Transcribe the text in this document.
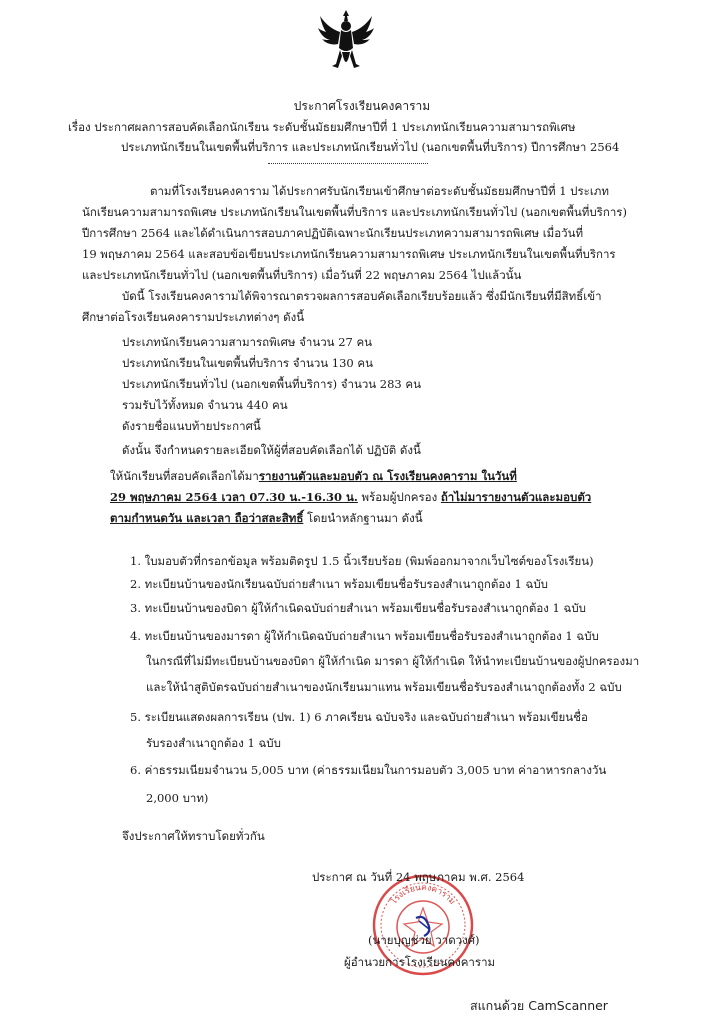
ประกาศโรงเรียนคงคาราม
เรื่อง ประกาศผลการสอบคัดเลือกนักเรียน ระดับชั้นมัธยมศึกษาปีที่ 1 ประเภทนักเรียนความสามารถพิเศษ
ประเภทนักเรียนในเขตพื้นที่บริการ และประเภทนักเรียนทั่วไป (นอกเขตพื้นที่บริการ) ปีการศึกษา 2564
ตามที่โรงเรียนคงคาราม ได้ประกาศรับนักเรียนเข้าศึกษาต่อระดับชั้นมัธยมศึกษาปีที่ 1 ประเภท
นักเรียนความสามารถพิเศษ ประเภทนักเรียนในเขตพื้นที่บริการ และประเภทนักเรียนทั่วไป (นอกเขตพื้นที่บริการ)
ปีการศึกษา 2564 และได้ดำเนินการสอบภาคปฏิบัติเฉพาะนักเรียนประเภทความสามารถพิเศษ เมื่อวันที่
19 พฤษภาคม 2564 และสอบข้อเขียนประเภทนักเรียนความสามารถพิเศษ ประเภทนักเรียนในเขตพื้นที่บริการ
และประเภทนักเรียนทั่วไป (นอกเขตพื้นที่บริการ) เมื่อวันที่ 22 พฤษภาคม 2564 ไปแล้วนั้น
บัดนี้ โรงเรียนคงคารามได้พิจารณาตรวจผลการสอบคัดเลือกเรียบร้อยแล้ว ซึ่งมีนักเรียนที่มีสิทธิ์เข้า
ศึกษาต่อโรงเรียนคงคารามประเภทต่างๆ ดังนี้
ประเภทนักเรียนความสามารถพิเศษ จำนวน 27 คน
ประเภทนักเรียนในเขตพื้นที่บริการ จำนวน 130 คน
ประเภทนักเรียนทั่วไป (นอกเขตพื้นที่บริการ) จำนวน 283 คน
รวมรับไว้ทั้งหมด จำนวน 440 คน
ดังรายชื่อแนบท้ายประกาศนี้
ดังนั้น จึงกำหนดรายละเอียดให้ผู้ที่สอบคัดเลือกได้ ปฏิบัติ ดังนี้
ให้นักเรียนที่สอบคัดเลือกได้มารายงานตัวและมอบตัว ณ โรงเรียนคงคาราม ในวันที่
29 พฤษภาคม 2564 เวลา 07.30 น.-16.30 น. พร้อมผู้ปกครอง ถ้าไม่มารายงานตัวและมอบตัว
ตามกำหนดวัน และเวลา ถือว่าสละสิทธิ์ โดยนำหลักฐานมา ดังนี้
1. ใบมอบตัวที่กรอกข้อมูล พร้อมติดรูป 1.5 นิ้วเรียบร้อย (พิมพ์ออกมาจากเว็บไซต์ของโรงเรียน)
2. ทะเบียนบ้านของนักเรียนฉบับถ่ายสำเนา พร้อมเขียนชื่อรับรองสำเนาถูกต้อง 1 ฉบับ
3. ทะเบียนบ้านของบิดา ผู้ให้กำเนิดฉบับถ่ายสำเนา พร้อมเขียนชื่อรับรองสำเนาถูกต้อง 1 ฉบับ
4. ทะเบียนบ้านของมารดา ผู้ให้กำเนิดฉบับถ่ายสำเนา พร้อมเขียนชื่อรับรองสำเนาถูกต้อง 1 ฉบับ
ในกรณีที่ไม่มีทะเบียนบ้านของบิดา ผู้ให้กำเนิด มารดา ผู้ให้กำเนิด ให้นำทะเบียนบ้านของผู้ปกครองมา
และให้นำสูติบัตรฉบับถ่ายสำเนาของนักเรียนมาแทน พร้อมเขียนชื่อรับรองสำเนาถูกต้องทั้ง 2 ฉบับ
5. ระเบียนแสดงผลการเรียน (ปพ. 1) 6 ภาคเรียน ฉบับจริง และฉบับถ่ายสำเนา พร้อมเขียนชื่อ
รับรองสำเนาถูกต้อง 1 ฉบับ
6. ค่าธรรมเนียมจำนวน 5,005 บาท (ค่าธรรมเนียมในการมอบตัว 3,005 บาท ค่าอาหารกลางวัน
2,000 บาท)
จึงประกาศให้ทราบโดยทั่วกัน
โรงเรียนคงคาราม
ประกาศ ณ วันที่ 24 พฤษภาคม พ.ศ. 2564
(นายบุญช่วย วาดวงศ์)
ผู้อำนวยการโรงเรียนคงคาราม
สแกนด้วย CamScanner
